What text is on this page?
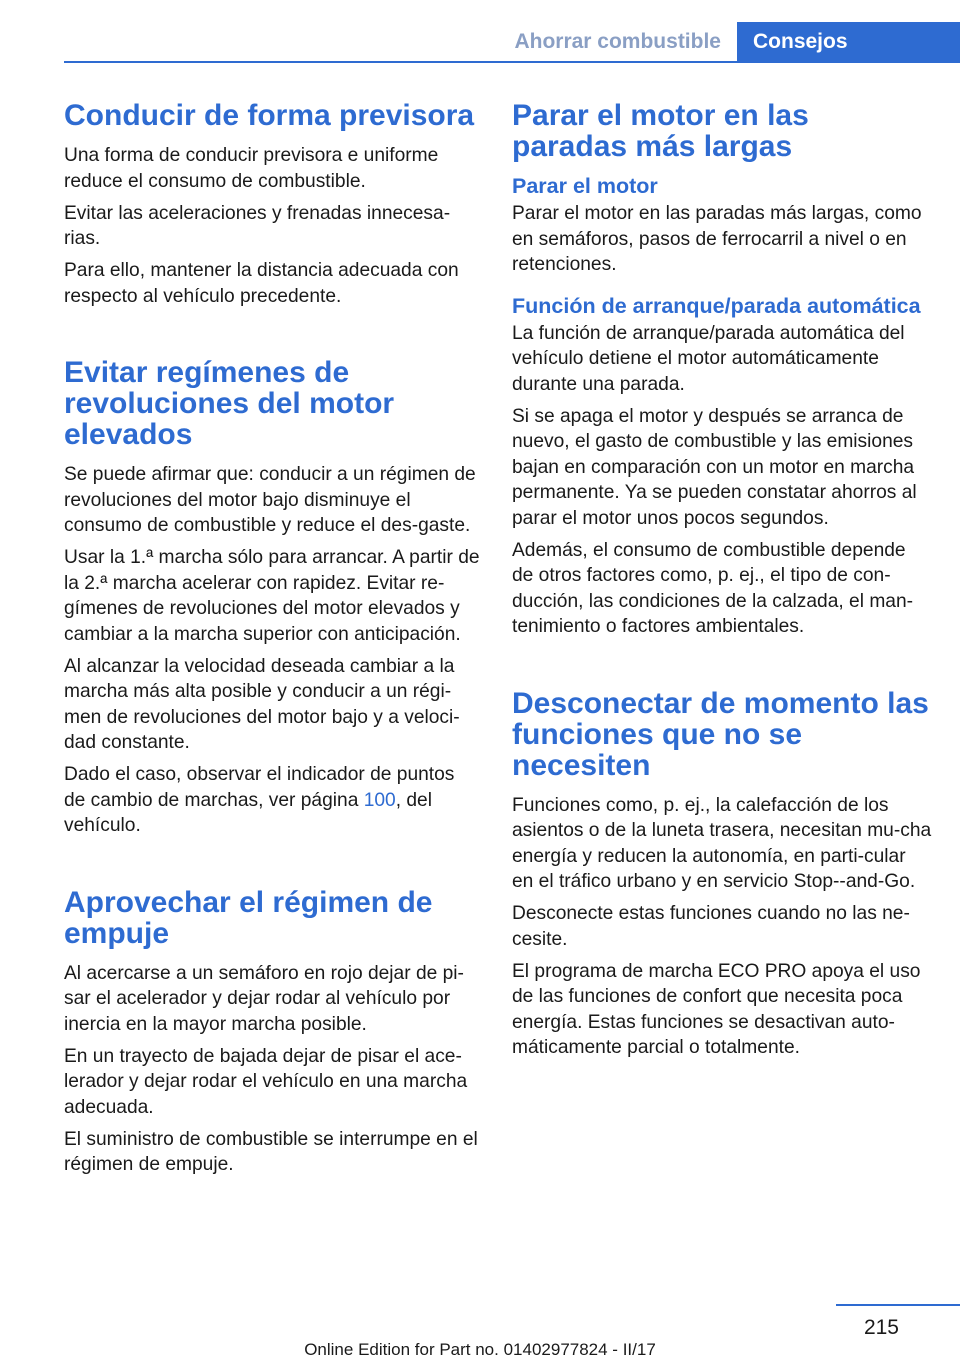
Ahorrar combustible	Consejos
Conducir de forma previsora

Una forma de conducir previsora e uniforme reduce el consumo de combustible.

Evitar las aceleraciones y frenadas innecesa‐rias.

Para ello, mantener la distancia adecuada con respecto al vehículo precedente.

Evitar regímenes de revoluciones del motor elevados

Se puede afirmar que: conducir a un régimen de revoluciones del motor bajo disminuye el consumo de combustible y reduce el des‐gaste.

Usar la 1.ª marcha sólo para arrancar. A partir de la 2.ª marcha acelerar con rapidez. Evitar re‐gímenes de revoluciones del motor elevados y cambiar a la marcha superior con anticipación.

Al alcanzar la velocidad deseada cambiar a la marcha más alta posible y conducir a un régi‐men de revoluciones del motor bajo y a veloci‐dad constante.

Dado el caso, observar el indicador de puntos de cambio de marchas, ver página 100, del vehículo.

Aprovechar el régimen de empuje

Al acercarse a un semáforo en rojo dejar de pi‐sar el acelerador y dejar rodar al vehículo por inercia en la mayor marcha posible.

En un trayecto de bajada dejar de pisar el ace‐lerador y dejar rodar el vehículo en una marcha adecuada.

El suministro de combustible se interrumpe en el régimen de empuje.

Parar el motor en las paradas más largas
Parar el motor

Parar el motor en las paradas más largas, como en semáforos, pasos de ferrocarril a nivel o en retenciones.

Función de arranque/parada automática

La función de arranque/parada automática del vehículo detiene el motor automáticamente durante una parada.

Si se apaga el motor y después se arranca de nuevo, el gasto de combustible y las emisiones bajan en comparación con un motor en marcha permanente. Ya se pueden constatar ahorros al parar el motor unos pocos segundos.

Además, el consumo de combustible depende de otros factores como, p. ej., el tipo de con‐ducción, las condiciones de la calzada, el man‐tenimiento o factores ambientales.

Desconectar de momento las funciones que no se necesiten

Funciones como, p. ej., la calefacción de los asientos o de la luneta trasera, necesitan mu‐cha energía y reducen la autonomía, en parti‐cular en el tráfico urbano y en servicio Stop-‐and-Go.

Desconecte estas funciones cuando no las ne‐cesite.

El programa de marcha ECO PRO apoya el uso de las funciones de confort que necesita poca energía. Estas funciones se desactivan auto‐máticamente parcial o totalmente.

215
Online Edition for Part no. 01402977824 - II/17
